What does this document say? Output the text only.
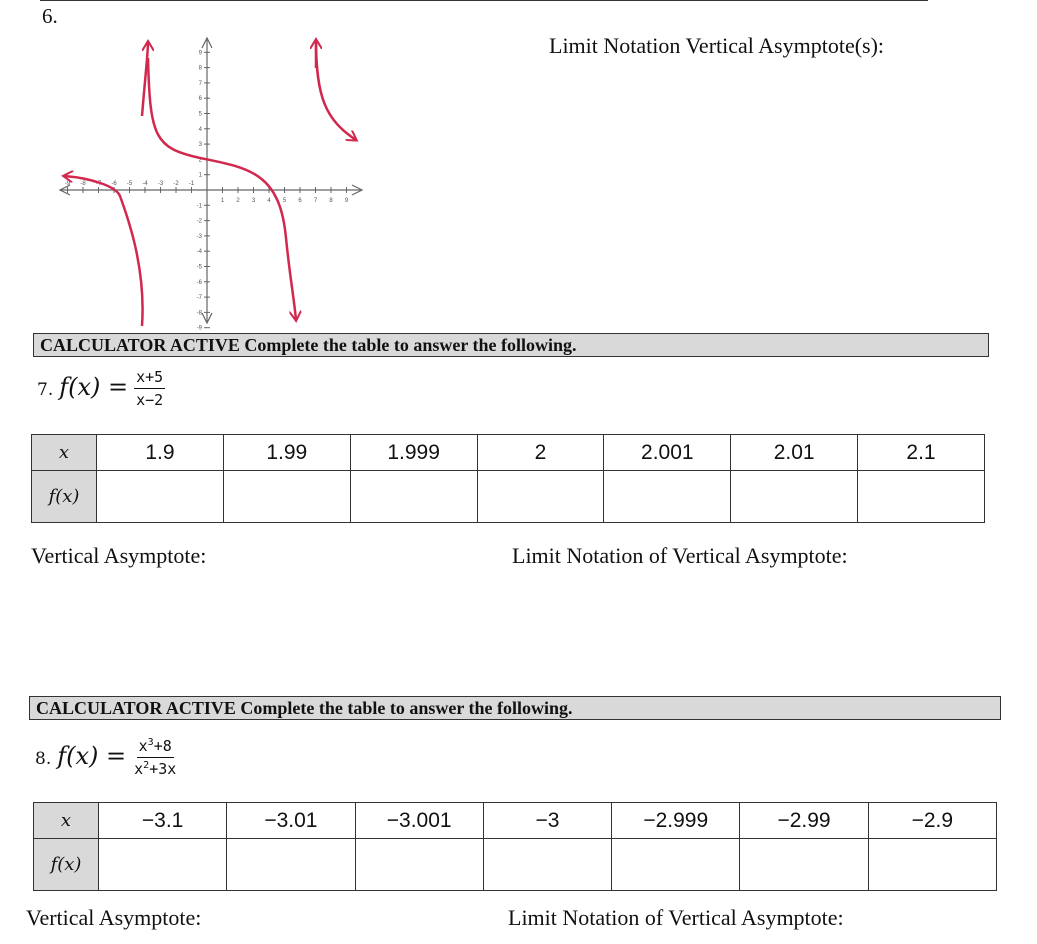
6.
Limit Notation Vertical Asymptote(s):
-9 -8 -7 -6 -5 -4 -3 -2 -1
1 2 3 4 5 6 7 8 9
9
8
7
6
5
4
3
2
1
-1
-2
-3
-4
-5
-6
-7
-8
-9
CALCULATOR ACTIVE Complete the table to answer the following.
7. $f(x) = \frac{x+5}{x-2}$
x	1.9	1.99	1.999	2	2.001	2.01	2.1
f(x)							
Vertical Asymptote:	Limit Notation of Vertical Asymptote:
CALCULATOR ACTIVE Complete the table to answer the following.
8. $f(x) = \frac{x^3+8}{x^2+3x}$
x	−3.1	−3.01	−3.001	−3	−2.999	−2.99	−2.9
f(x)							
Vertical Asymptote:	Limit Notation of Vertical Asymptote:
